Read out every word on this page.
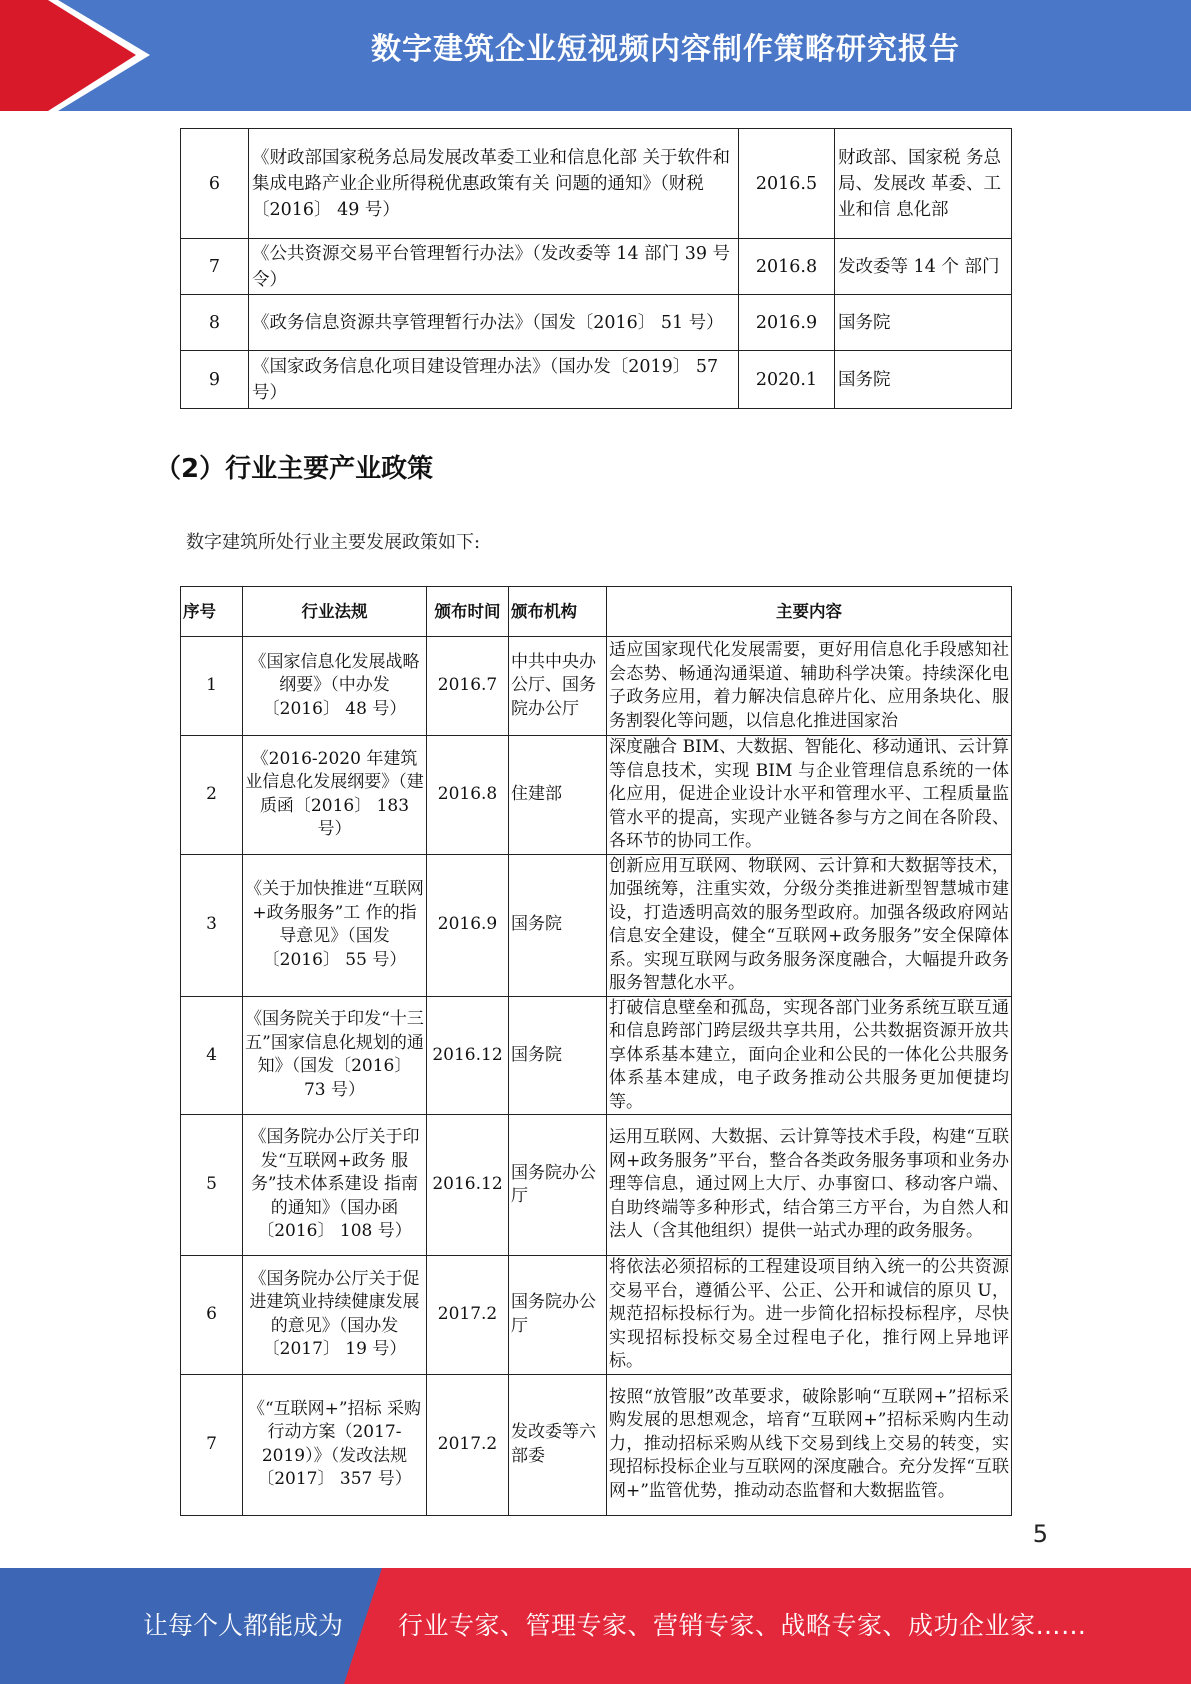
数字建筑企业短视频内容制作策略研究报告
6	《财政部国家税务总局发展改革委工业和信息化部 关于软件和集成电路产业企业所得税优惠政策有关 问题的通知》（财税〔2016〕 49 号）	2016.5	财政部、国家税 务总局、发展改 革委、工业和信 息化部
7	《公共资源交易平台管理暂行办法》（发改委等 14 部门 39 号令）	2016.8	发改委等 14 个 部门
8	《政务信息资源共享管理暂行办法》（国发〔2016〕 51 号）	2016.9	国务院
9	《国家政务信息化项目建设管理办法》（国办发〔2019〕 57 号）	2020.1	国务院
（2）行业主要产业政策
数字建筑所处行业主要发展政策如下:
序号	行业法规	颁布时间	颁布机构	主要内容
1	《国家信息化发展战略纲要》（中办发〔2016〕 48 号）	2016.7	中共中央办公厅、国务院办公厅	适应国家现代化发展需要，更好用信息化手段感知社会态势、畅通沟通渠道、辅助科学决策。持续深化电子政务应用，着力解决信息碎片化、应用条块化、服务割裂化等问题，以信息化推进国家治
2	《2016-2020 年建筑 业信息化发展纲要》（建质函〔2016〕 183 号）	2016.8	住建部	深度融合 BIM、大数据、智能化、移动通讯、云计算等信息技术，实现 BIM 与企业管理信息系统的一体化应用，促进企业设计水平和管理水平、工程质量监管水平的提高，实现产业链各参与方之间在各阶段、各环节的协同工作。
3	《关于加快推进“互联网+政务服务”工 作的指导意见》（国发〔2016〕 55 号）	2016.9	国务院	创新应用互联网、物联网、云计算和大数据等技术，加强统筹，注重实效，分级分类推进新型智慧城市建设，打造透明高效的服务型政府。加强各级政府网站信息安全建设，健全“互联网+政务服务”安全保障体系。实现互联网与政务服务深度融合，大幅提升政务服务智慧化水平。
4	《国务院关于印发“十三五”国家信息化规划的通知》（国发〔2016〕 73 号）	2016.12	国务院	打破信息壁垒和孤岛，实现各部门业务系统互联互通和信息跨部门跨层级共享共用，公共数据资源开放共享体系基本建立，面向企业和公民的一体化公共服务体系基本建成，电子政务推动公共服务更加便捷均等。
5	《国务院办公厅关于印发“互联网+政务 服务”技术体系建设 指南的通知》（国办函〔2016〕 108 号）	2016.12	国务院办公厅	运用互联网、大数据、云计算等技术手段，构建“互联网+政务服务”平台，整合各类政务服务事项和业务办理等信息，通过网上大厅、办事窗口、移动客户端、自助终端等多种形式，结合第三方平台，为自然人和法人（含其他组织）提供一站式办理的政务服务。
6	《国务院办公厅关于促进建筑业持续健康发展的意见》（国办发〔2017〕 19 号）	2017.2	国务院办公厅	将依法必须招标的工程建设项目纳入统一的公共资源交易平台，遵循公平、公正、公开和诚信的原贝 U，规范招标投标行为。进一步简化招标投标程序，尽快实现招标投标交易全过程电子化，推行网上异地评标。
7	《“互联网+”招标 采购行动方案（2017-2019）》（发改法规〔2017〕 357 号）	2017.2	发改委等六部委	按照“放管服”改革要求，破除影响“互联网+”招标采购发展的思想观念，培育“互联网+”招标采购内生动力，推动招标采购从线下交易到线上交易的转变，实现招标投标企业与互联网的深度融合。充分发挥“互联网+”监管优势，推动动态监督和大数据监管。
5
让每个人都能成为 行业专家、管理专家、营销专家、战略专家、成功企业家……
